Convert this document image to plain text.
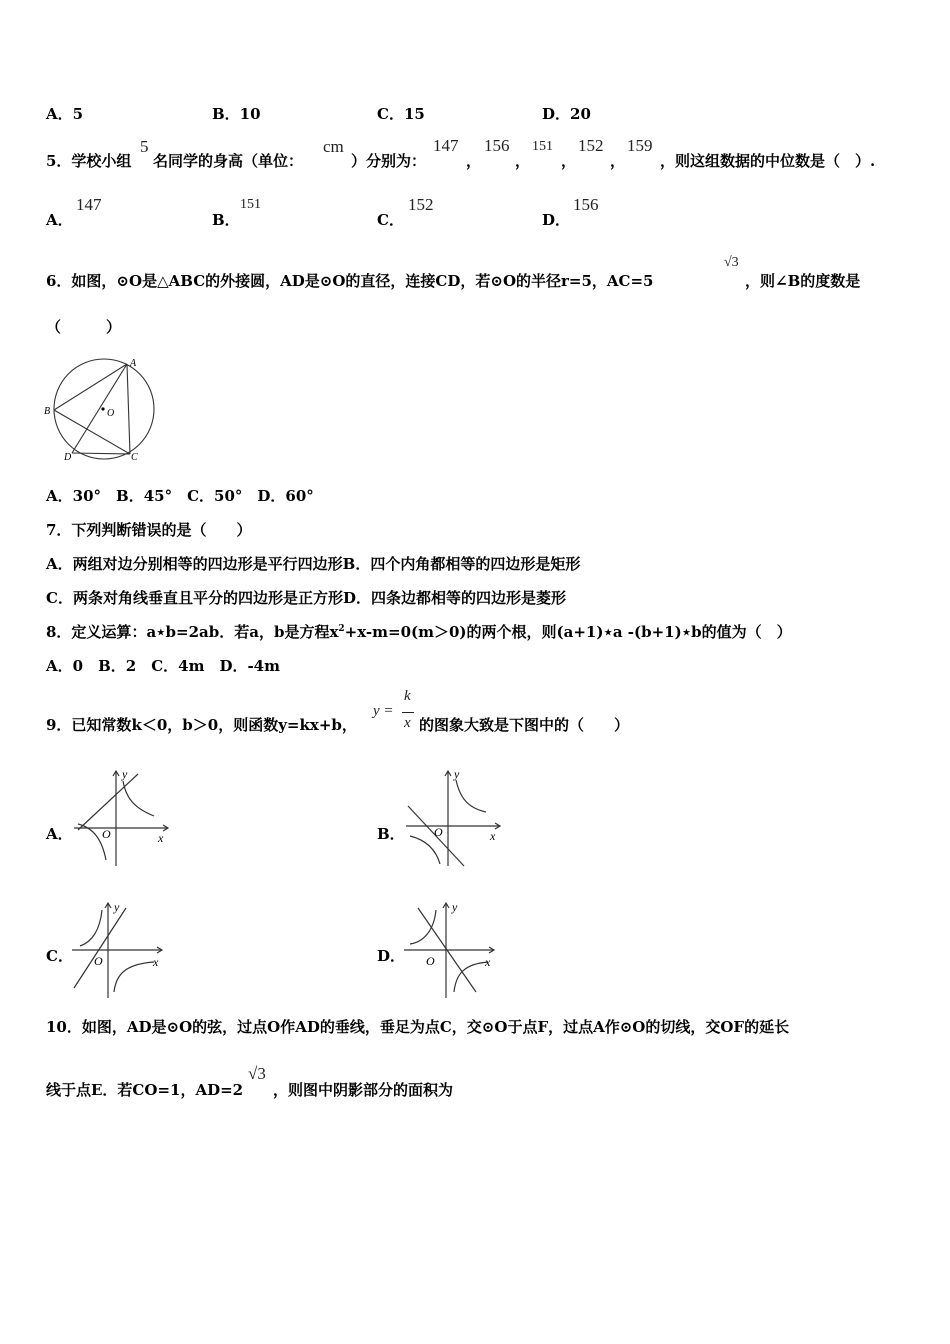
A．5	B．10	C．15	D．20
5．学校小组
5
名同学的身高（单位：
cm
）分别为：
147
，
156
，
151
，
152
，
159
，则这组数据的中位数是（　）.
A．
147
B．
151
C．
152
D．
156
6．如图，⊙O是△ABC的外接圆，AD是⊙O的直径，连接CD，若⊙O的半径r=5，AC=5
√3
，则∠B的度数是
（　　　）
A
B	O
D	C
A．30°　B．45°　C．50°　D．60°
7．下列判断错误的是（　　）
A．两组对边分别相等的四边形是平行四边形B．四个内角都相等的四边形是矩形
C．两条对角线垂直且平分的四边形是正方形D．四条边都相等的四边形是菱形
8．定义运算：a⋆b=2ab．若a，b是方程$x^2+x-m=0(m>0)$的两个根，则(a+1)⋆a -(b+1)⋆b的值为（　）
A．0　B．2　C．4m　D．-4m
9．已知常数k＜0，b＞0，则函数y=kx+b，
y =
k
x 的图象大致是下图中的（　　）
A．
y
O	x	B．
y
O	x
C．
y
O	x	D．
y
O	x
10．如图，AD是⊙O的弦，过点O作AD的垂线，垂足为点C，交⊙O于点F，过点A作⊙O的切线，交OF的延长
线于点E．若CO=1，AD=2
√3
，则图中阴影部分的面积为
